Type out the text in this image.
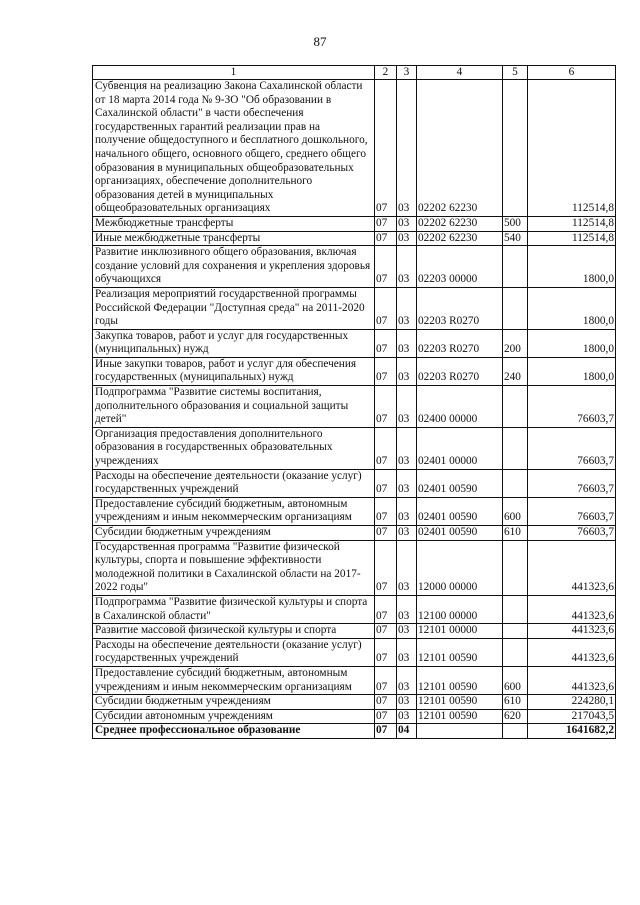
87
1	2	3	4	5	6
Субвенция на реализацию Закона Сахалинской области от 18 марта 2014 года № 9-ЗО "Об образовании в Сахалинской области" в части обеспечения государственных гарантий реализации прав на получение общедоступного и бесплатного дошкольного, начального общего, основного общего, среднего общего образования в муниципальных общеобразовательных организациях, обеспечение дополнительного образования детей в муниципальных общеобразовательных организациях	07	03	02202 62230		112514,8
Межбюджетные трансферты	07	03	02202 62230	500	112514,8
Иные межбюджетные трансферты	07	03	02202 62230	540	112514,8
Развитие инклюзивного общего образования, включая создание условий для сохранения и укрепления здоровья обучающихся	07	03	02203 00000		1800,0
Реализация мероприятий государственной программы Российской Федерации "Доступная среда" на 2011-2020 годы	07	03	02203 R0270		1800,0
Закупка товаров, работ и услуг для государственных (муниципальных) нужд	07	03	02203 R0270	200	1800,0
Иные закупки товаров, работ и услуг для обеспечения государственных (муниципальных) нужд	07	03	02203 R0270	240	1800,0
Подпрограмма "Развитие системы воспитания, дополнительного образования и социальной защиты детей"	07	03	02400 00000		76603,7
Организация предоставления дополнительного образования в государственных образовательных учреждениях	07	03	02401 00000		76603,7
Расходы на обеспечение деятельности (оказание услуг) государственных учреждений	07	03	02401 00590		76603,7
Предоставление субсидий бюджетным, автономным учреждениям и иным некоммерческим организациям	07	03	02401 00590	600	76603,7
Субсидии бюджетным учреждениям	07	03	02401 00590	610	76603,7
Государственная программа "Развитие физической культуры, спорта и повышение эффективности молодежной политики в Сахалинской области на 2017-2022 годы"	07	03	12000 00000		441323,6
Подпрограмма "Развитие физической культуры и спорта в Сахалинской области"	07	03	12100 00000		441323,6
Развитие массовой физической культуры и спорта	07	03	12101 00000		441323,6
Расходы на обеспечение деятельности (оказание услуг) государственных учреждений	07	03	12101 00590		441323,6
Предоставление субсидий бюджетным, автономным учреждениям и иным некоммерческим организациям	07	03	12101 00590	600	441323,6
Субсидии бюджетным учреждениям	07	03	12101 00590	610	224280,1
Субсидии автономным учреждениям	07	03	12101 00590	620	217043,5
Среднее профессиональное образование	07	04			1641682,2
